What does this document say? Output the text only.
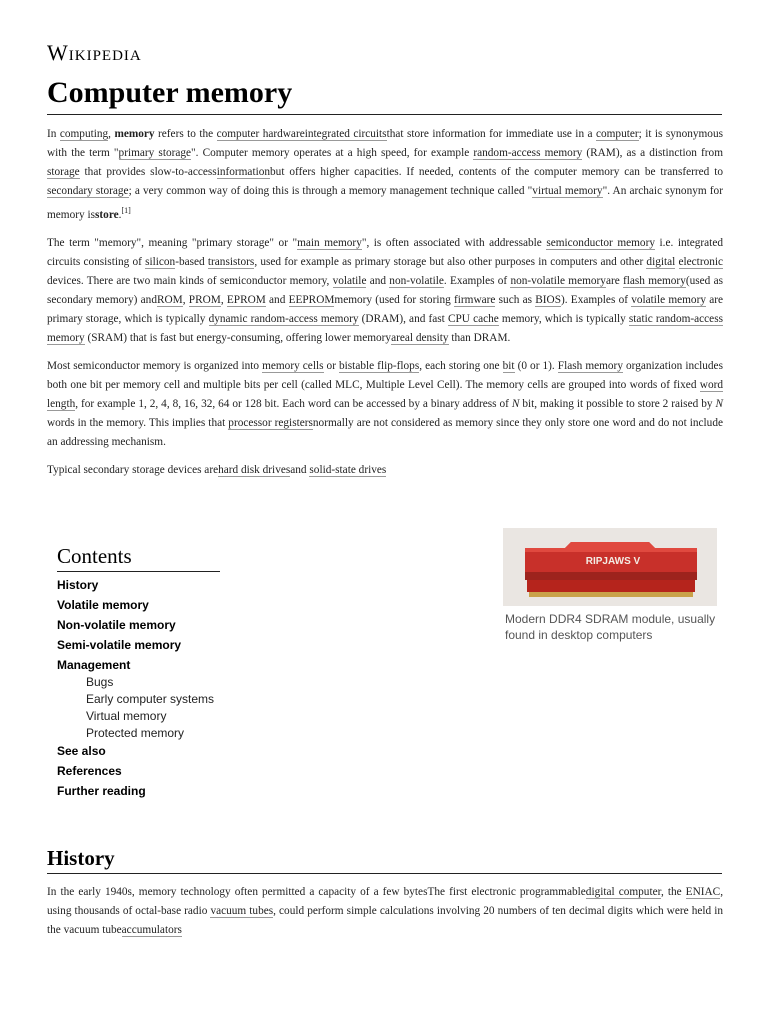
Wikipedia
Computer memory

In computing, memory refers to the computer hardwareintegrated circuitsthat store information for immediate use in a computer; it is synonymous with the term "primary storage". Computer memory operates at a high speed, for example random-access memory (RAM), as a distinction from storage that provides slow-to-accessinformationbut offers higher capacities. If needed, contents of the computer memory can be transferred to secondary storage; a very common way of doing this is through a memory management technique called "virtual memory". An archaic synonym for memory isstore.[1]

The term "memory", meaning "primary storage" or "main memory", is often associated with addressable semiconductor memory i.e. integrated circuits consisting of silicon-based transistors, used for example as primary storage but also other purposes in computers and other digital electronic devices. There are two main kinds of semiconductor memory, volatile and non-volatile. Examples of non-volatile memoryare flash memory(used as secondary memory) andROM, PROM, EPROM and EEPROMmemory (used for storing firmware such as BIOS). Examples of volatile memory are primary storage, which is typically dynamic random-access memory (DRAM), and fast CPU cache memory, which is typically static random-access memory (SRAM) that is fast but energy-consuming, offering lower memoryareal density than DRAM.

Most semiconductor memory is organized into memory cells or bistable flip-flops, each storing one bit (0 or 1). Flash memory organization includes both one bit per memory cell and multiple bits per cell (called MLC, Multiple Level Cell). The memory cells are grouped into words of fixed word length, for example 1, 2, 4, 8, 16, 32, 64 or 128 bit. Each word can be accessed by a binary address of N bit, making it possible to store 2 raised by N words in the memory. This implies that processor registersnormally are not considered as memory since they only store one word and do not include an addressing mechanism.

Typical secondary storage devices arehard disk drivesand solid-state drives

Contents
History
Volatile memory
Non-volatile memory
Semi-volatile memory
Management
Bugs
Early computer systems
Virtual memory
Protected memory
See also
References
Further reading
RIPJAWS V
Modern DDR4 SDRAM module, usually found in desktop computers
History

In the early 1940s, memory technology often permitted a capacity of a few bytesThe first electronic programmabledigital computer, the ENIAC, using thousands of octal-base radio vacuum tubes, could perform simple calculations involving 20 numbers of ten decimal digits which were held in the vacuum tubeaccumulators
